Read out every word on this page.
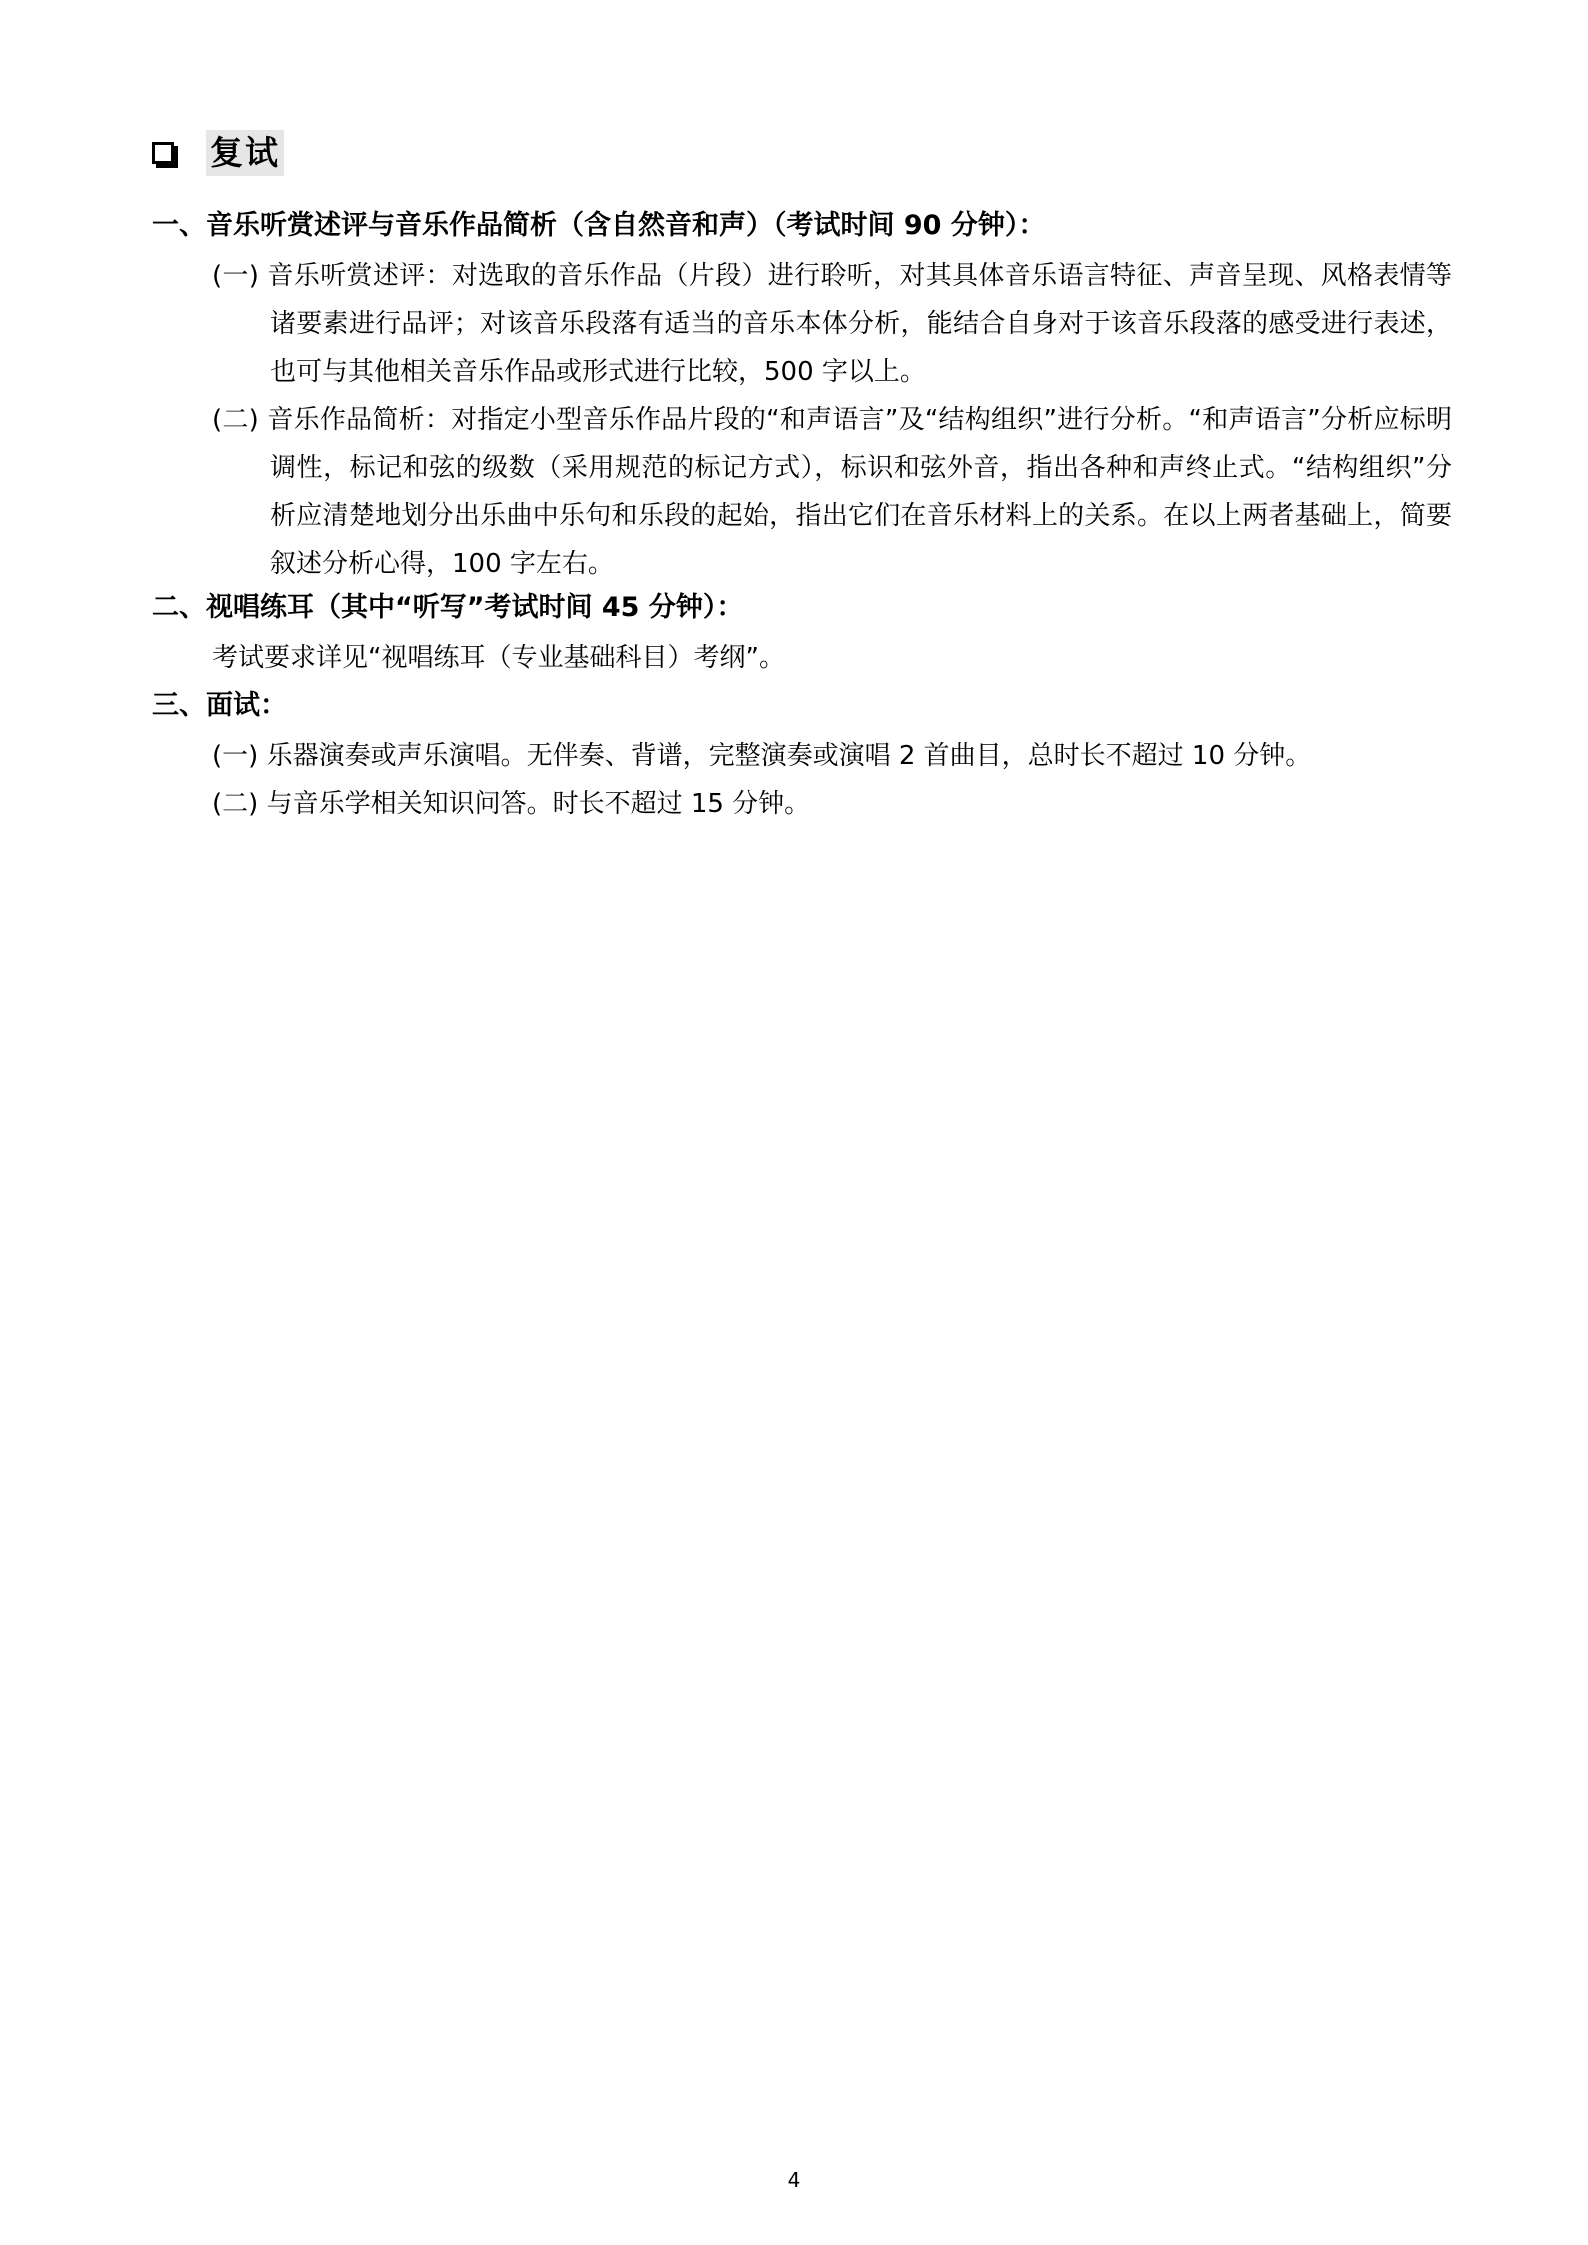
复试
一、音乐听赏述评与音乐作品简析（含自然音和声）（考试时间 90 分钟）：
(一) 音乐听赏述评：对选取的音乐作品（片段）进行聆听，对其具体音乐语言特征、声音呈现、风格表情等诸要素进行品评；对该音乐段落有适当的音乐本体分析，能结合自身对于该音乐段落的感受进行表述，也可与其他相关音乐作品或形式进行比较，500 字以上。
(二) 音乐作品简析：对指定小型音乐作品片段的“和声语言”及“结构组织”进行分析。“和声语言”分析应标明调性，标记和弦的级数（采用规范的标记方式），标识和弦外音，指出各种和声终止式。“结构组织”分析应清楚地划分出乐曲中乐句和乐段的起始，指出它们在音乐材料上的关系。在以上两者基础上，简要叙述分析心得，100 字左右。
二、视唱练耳（其中“听写”考试时间 45 分钟）：
考试要求详见“视唱练耳（专业基础科目）考纲”。
三、面试：
(一) 乐器演奏或声乐演唱。无伴奏、背谱，完整演奏或演唱 2 首曲目，总时长不超过 10 分钟。
(二) 与音乐学相关知识问答。时长不超过 15 分钟。
4
